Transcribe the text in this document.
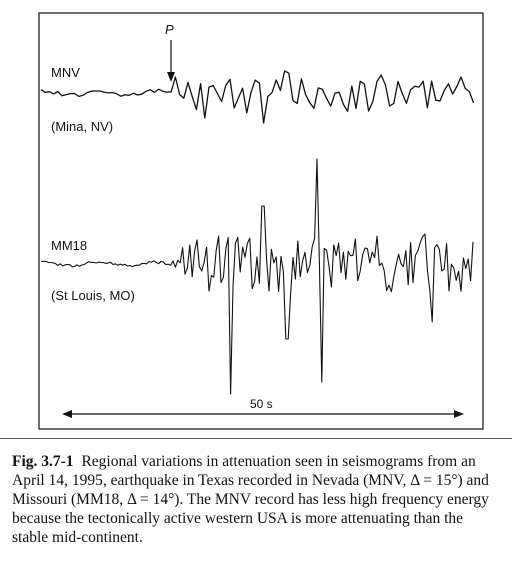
P
MNV
(Mina, NV)
MM18
(St Louis, MO)
50 s

Fig. 3.7-1 Regional variations in attenuation seen in seismograms from an April 14, 1995, earthquake in Texas recorded in Nevada (MNV, Δ = 15°) and Missouri (MM18, Δ = 14°). The MNV record has less high frequency energy because the tectonically active western USA is more attenuating than the stable mid-continent.
